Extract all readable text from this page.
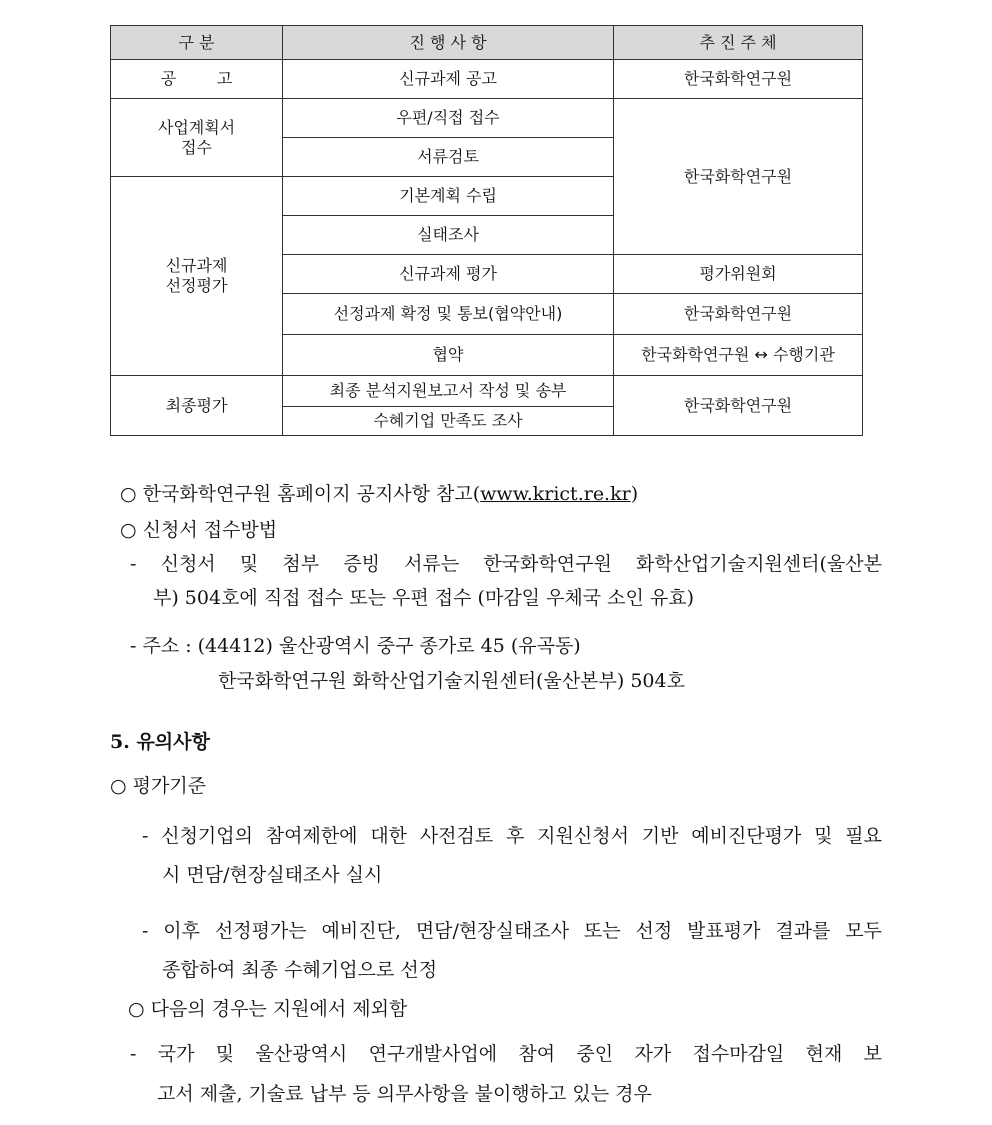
구 분	진 행 사 항	추 진 주 체
공        고	신규과제 공고	한국화학연구원

사업계획서
접수	우편/직접 접수	한국화학연구원
	서류검토	

신규과제
선정평가	기본계획 수립	
	실태조사	
	신규과제 평가	평가위원회
	선정과제 확정 및 통보(협약안내)	한국화학연구원
	협약	한국화학연구원 ↔ 수행기관
최종평가	최종 분석지원보고서 작성 및 송부	한국화학연구원
	수혜기업 만족도 조사	
○ 한국화학연구원 홈페이지 공지사항 참고(www.krict.re.kr)
○ 신청서 접수방법
- 신청서 및 첨부 증빙 서류는 한국화학연구원 화학산업기술지원센터(울산본
부) 504호에 직접 접수 또는 우편 접수 (마감일 우체국 소인 유효)
- 주소 : (44412) 울산광역시 중구 종가로 45 (유곡동)
한국화학연구원 화학산업기술지원센터(울산본부) 504호
5. 유의사항
○ 평가기준
- 신청기업의 참여제한에 대한 사전검토 후 지원신청서 기반 예비진단평가 및 필요
시 면담/현장실태조사 실시
- 이후 선정평가는 예비진단, 면담/현장실태조사 또는 선정 발표평가 결과를 모두
종합하여 최종 수혜기업으로 선정
○ 다음의 경우는 지원에서 제외함
- 국가 및 울산광역시 연구개발사업에 참여 중인 자가 접수마감일 현재 보
고서 제출, 기술료 납부 등 의무사항을 불이행하고 있는 경우
